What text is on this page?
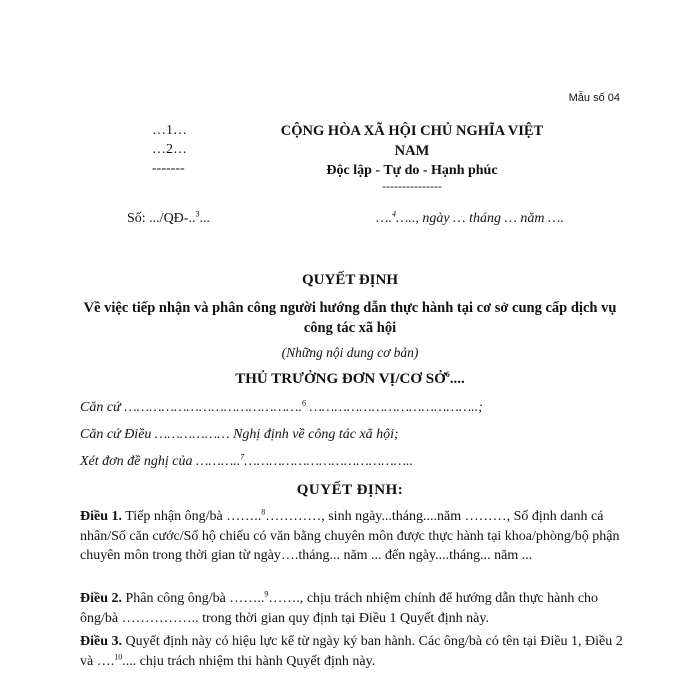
Mẫu số 04
…1…
…2…
-------
CỘNG HÒA XÃ HỘI CHỦ NGHĨA VIỆT NAM
Độc lập - Tự do - Hạnh phúc
---------------
Số: .../QĐ-..$^3$...	….$^4$….., ngày … tháng … năm ….
QUYẾT ĐỊNH
Về việc tiếp nhận và phân công người hướng dẫn thực hành tại cơ sở cung cấp dịch vụ công tác xã hội
(Những nội dung cơ bản)
THỦ TRƯỞNG ĐƠN VỊ/CƠ SỞ$^6$....
Căn cứ …………………………………….$^6$ …………………………………..;
Căn cứ Điều ……………… Nghị định về công tác xã hội;
Xét đơn đề nghị của ………..$^7$…………………………………..
QUYẾT ĐỊNH:
Điều 1. Tiếp nhận ông/bà ……..$^8$…………, sinh ngày...tháng....năm ………, Số định danh cá nhân/Số căn cước/Số hộ chiếu có văn bằng chuyên môn được thực hành tại khoa/phòng/bộ phận chuyên môn trong thời gian từ ngày….tháng... năm ... đến ngày....tháng... năm ...
Điều 2. Phân công ông/bà ……..$^9$……., chịu trách nhiệm chính để hướng dẫn thực hành cho ông/bà …………….. trong thời gian quy định tại Điều 1 Quyết định này.
Điều 3. Quyết định này có hiệu lực kể từ ngày ký ban hành. Các ông/bà có tên tại Điều 1, Điều 2 và ….$^{10}$.... chịu trách nhiệm thi hành Quyết định này.
